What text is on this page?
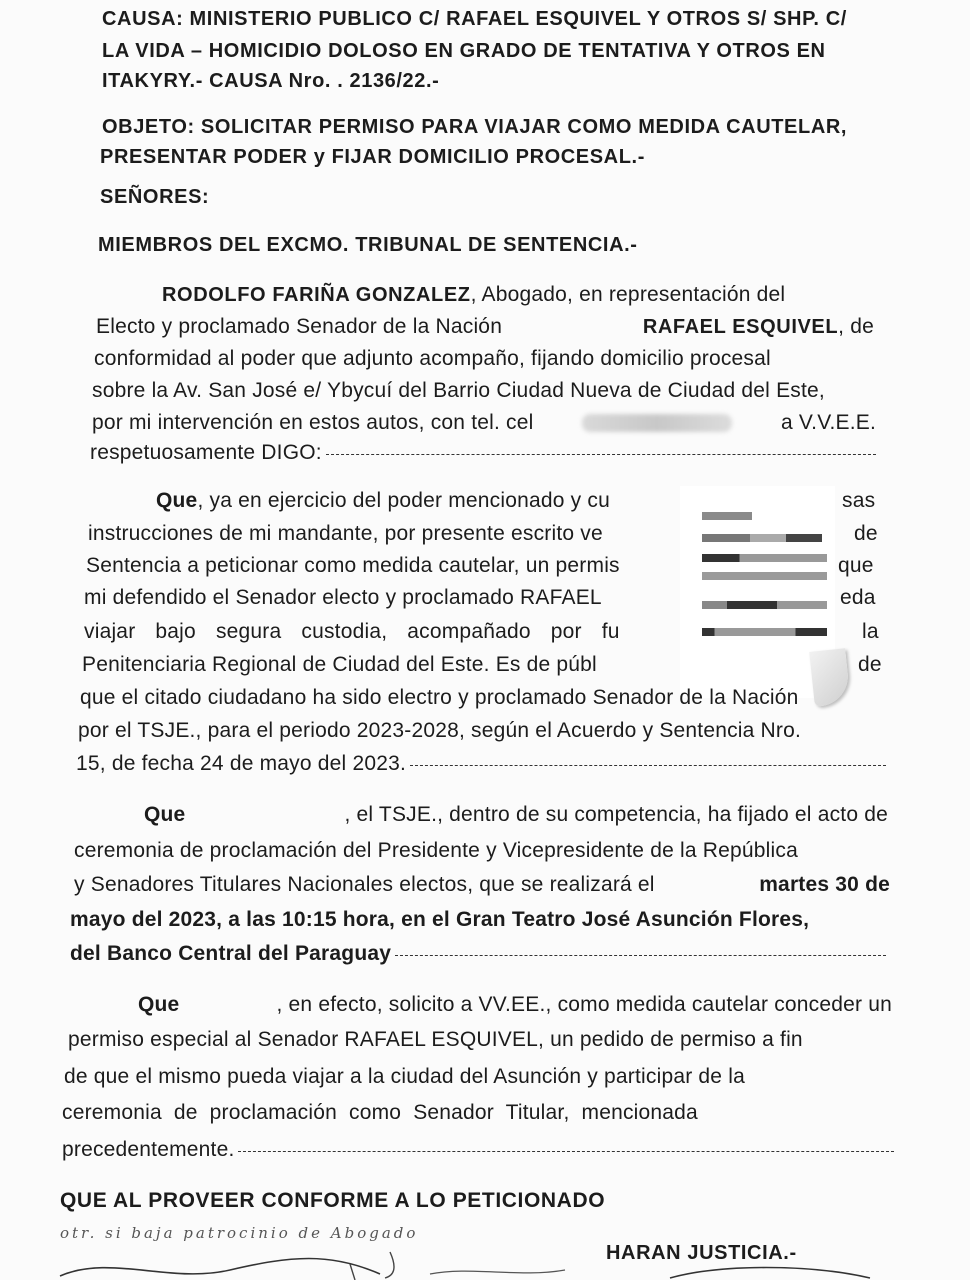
CAUSA: MINISTERIO PUBLICO C/ RAFAEL ESQUIVEL Y OTROS S/ SHP. C/
LA VIDA – HOMICIDIO DOLOSO EN GRADO DE TENTATIVA Y OTROS EN
ITAKYRY.- CAUSA Nro. . 2136/22.-
OBJETO: SOLICITAR PERMISO PARA VIAJAR COMO MEDIDA CAUTELAR,
PRESENTAR PODER y FIJAR DOMICILIO PROCESAL.-
SEÑORES:
MIEMBROS DEL EXCMO. TRIBUNAL DE SENTENCIA.-
RODOLFO FARIÑA GONZALEZ, Abogado, en representación del
Electo y proclamado Senador de la Nación	RAFAEL ESQUIVEL, de
conformidad al poder que adjunto acompaño, fijando domicilio procesal
sobre la Av. San José e/ Ybycuí del Barrio Ciudad Nueva de Ciudad del Este,
por mi intervención en estos autos, con tel. cel	a V.V.E.E.
respetuosamente DIGO:
Que, ya en ejercicio del poder mencionado y cu	sas
instrucciones de mi mandante, por presente escrito ve	de
Sentencia a peticionar como medida cautelar, un permis	que
mi defendido el Senador electo y proclamado RAFAEL	eda
viajar bajo segura custodia, acompañado por fu	la
Penitenciaria Regional de Ciudad del Este. Es de públ	de
que el citado ciudadano ha sido electro y proclamado Senador de la Nación
por el TSJE., para el periodo 2023-2028, según el Acuerdo y Sentencia Nro.
15, de fecha 24 de mayo del 2023.
Que	, el TSJE., dentro de su competencia, ha fijado el acto de
ceremonia de proclamación del Presidente y Vicepresidente de la República
y Senadores Titulares Nacionales electos, que se realizará el	martes 30 de
mayo del 2023, a las 10:15 hora, en el Gran Teatro José Asunción Flores,
del Banco Central del Paraguay
Que	, en efecto, solicito a VV.EE., como medida cautelar conceder un
permiso especial al Senador RAFAEL ESQUIVEL, un pedido de permiso a fin
de que el mismo pueda viajar a la ciudad del Asunción y participar de la
ceremonia de proclamación como Senador Titular, mencionada
precedentemente.
QUE AL PROVEER CONFORME A LO PETICIONADO
otr. si baja patrocinio de Abogado
HARAN JUSTICIA.-
